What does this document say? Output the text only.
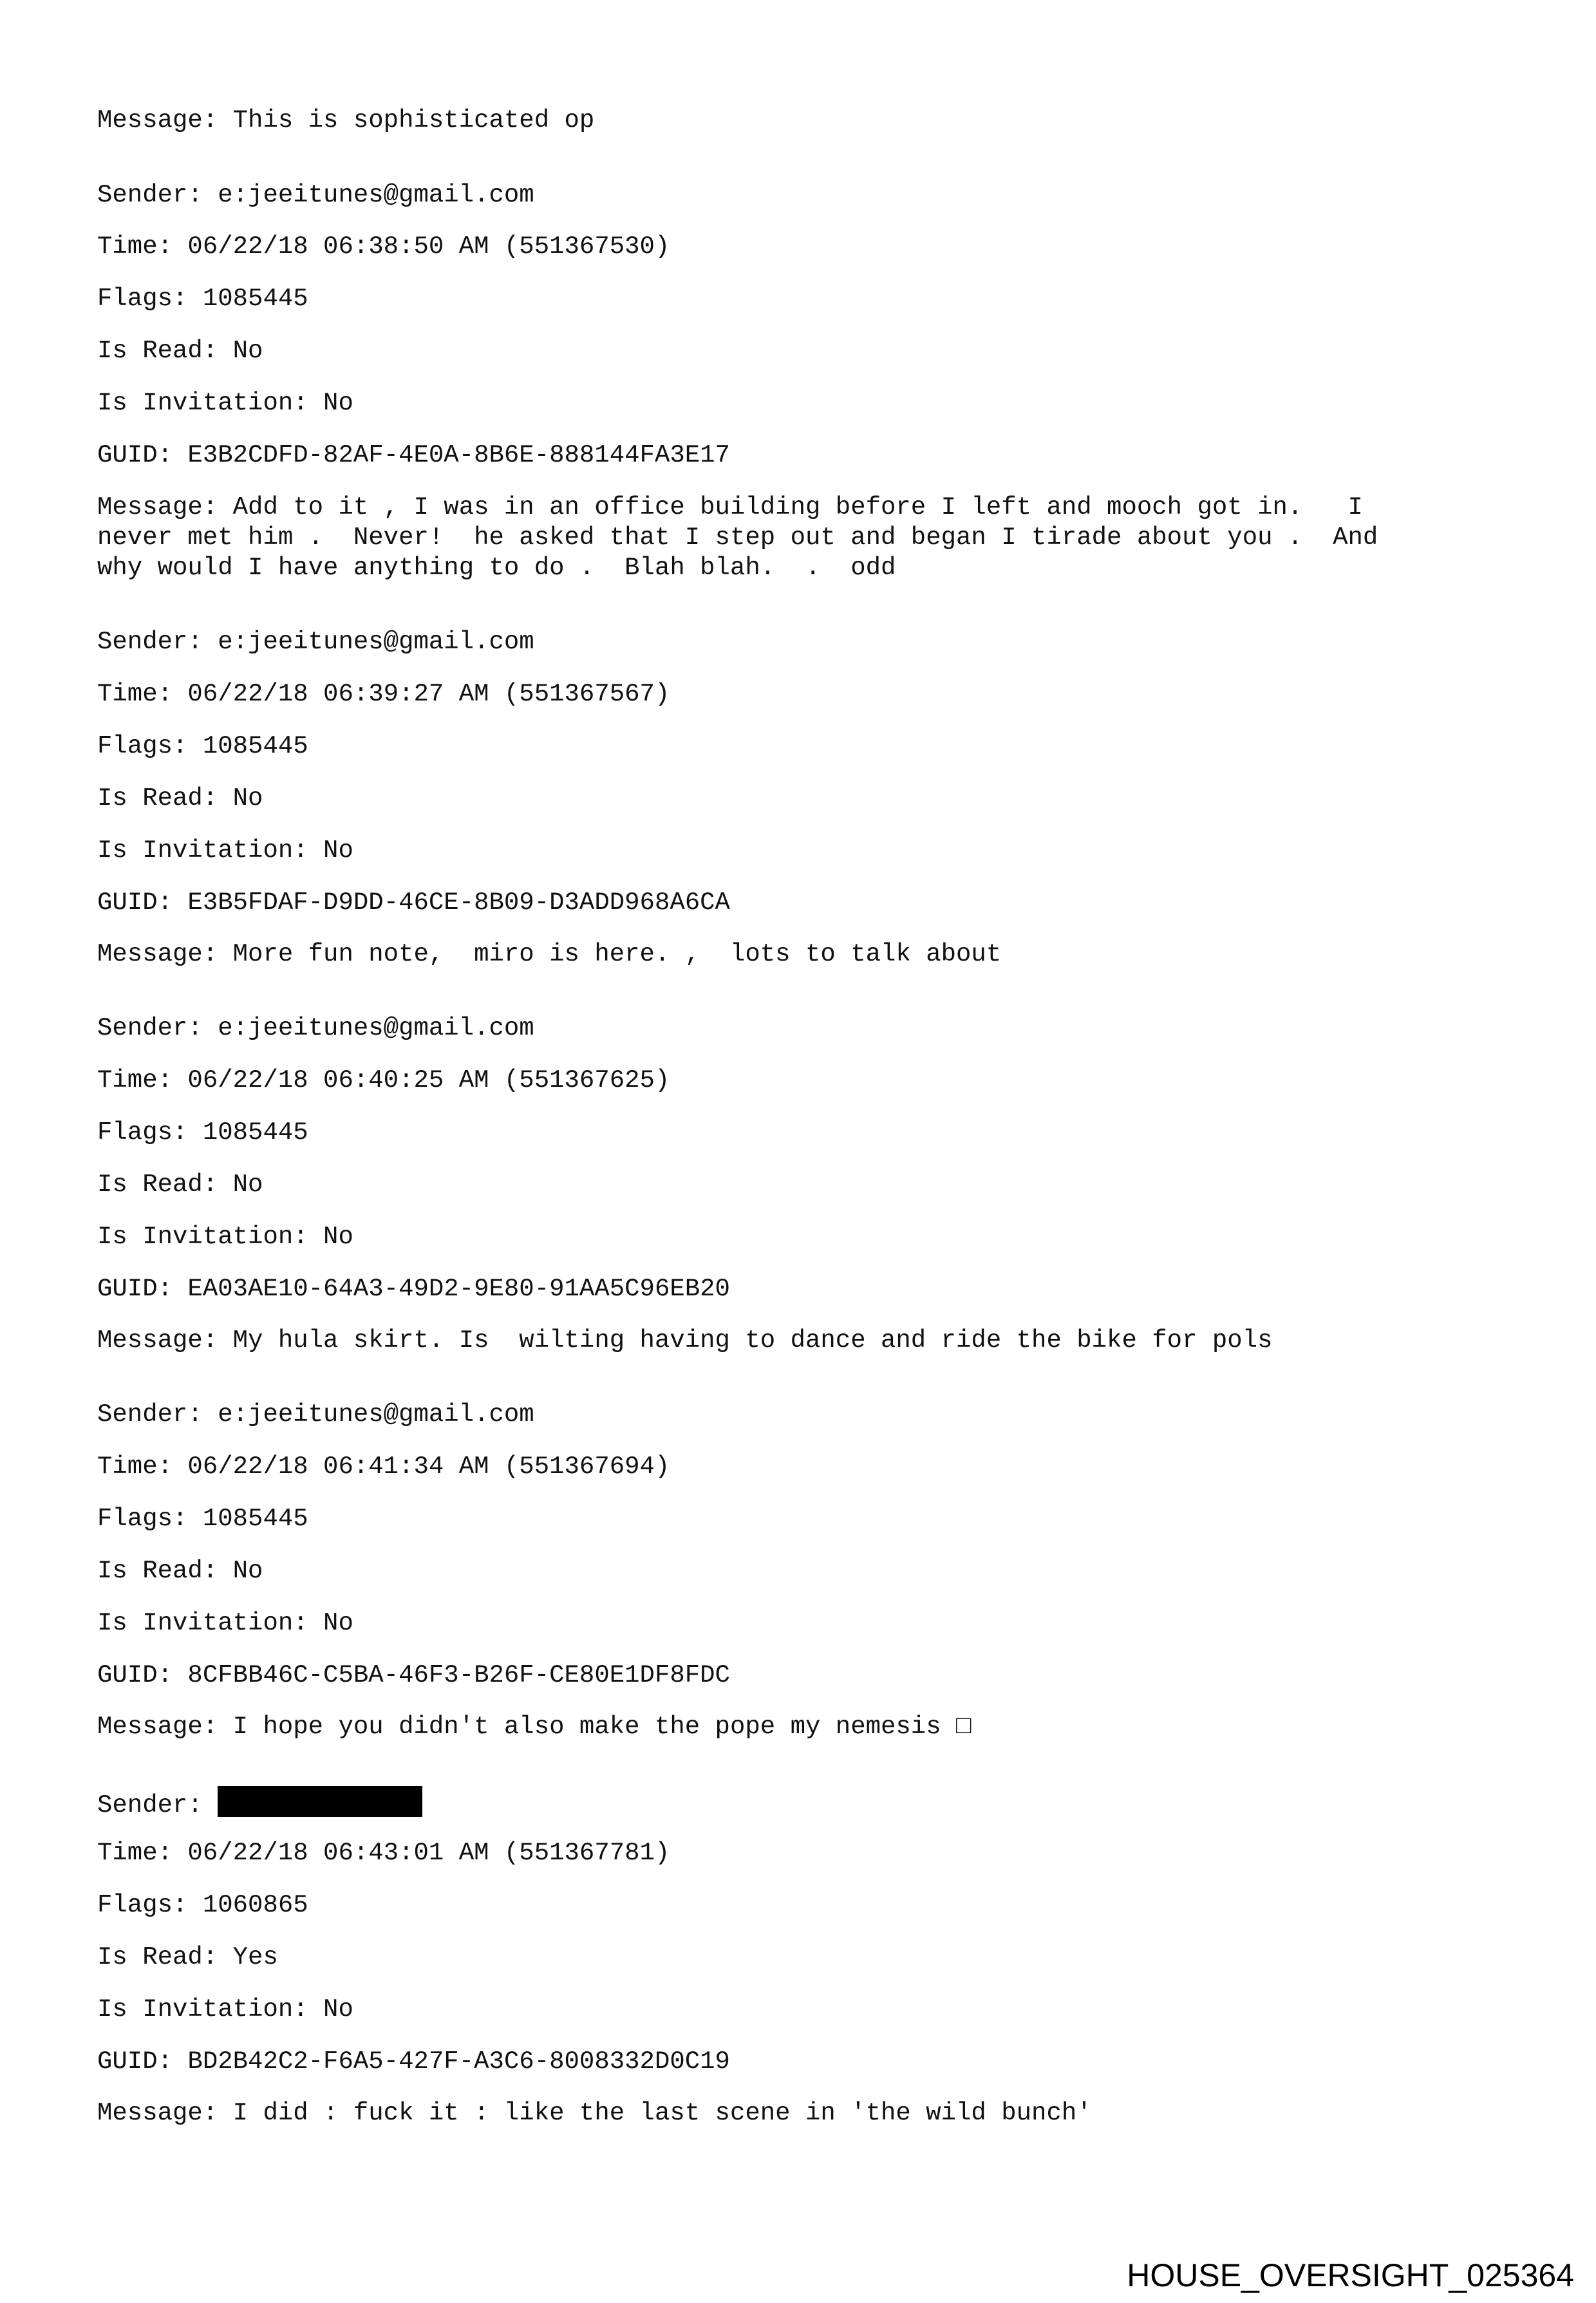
Message: This is sophisticated op
Sender: e:jeeitunes@gmail.com
Time: 06/22/18 06:38:50 AM (551367530)
Flags: 1085445
Is Read: No
Is Invitation: No
GUID: E3B2CDFD-82AF-4E0A-8B6E-888144FA3E17
Message: Add to it , I was in an office building before I left and mooch got in.   I
never met him .  Never!  he asked that I step out and began I tirade about you .  And
why would I have anything to do .  Blah blah.  .  odd
Sender: e:jeeitunes@gmail.com
Time: 06/22/18 06:39:27 AM (551367567)
Flags: 1085445
Is Read: No
Is Invitation: No
GUID: E3B5FDAF-D9DD-46CE-8B09-D3ADD968A6CA
Message: More fun note,  miro is here. ,  lots to talk about
Sender: e:jeeitunes@gmail.com
Time: 06/22/18 06:40:25 AM (551367625)
Flags: 1085445
Is Read: No
Is Invitation: No
GUID: EA03AE10-64A3-49D2-9E80-91AA5C96EB20
Message: My hula skirt. Is  wilting having to dance and ride the bike for pols
Sender: e:jeeitunes@gmail.com
Time: 06/22/18 06:41:34 AM (551367694)
Flags: 1085445
Is Read: No
Is Invitation: No
GUID: 8CFBB46C-C5BA-46F3-B26F-CE80E1DF8FDC
Message: I hope you didn't also make the pope my nemesis □
Sender:
Time: 06/22/18 06:43:01 AM (551367781)
Flags: 1060865
Is Read: Yes
Is Invitation: No
GUID: BD2B42C2-F6A5-427F-A3C6-8008332D0C19
Message: I did : fuck it : like the last scene in 'the wild bunch'
HOUSE_OVERSIGHT_025364
